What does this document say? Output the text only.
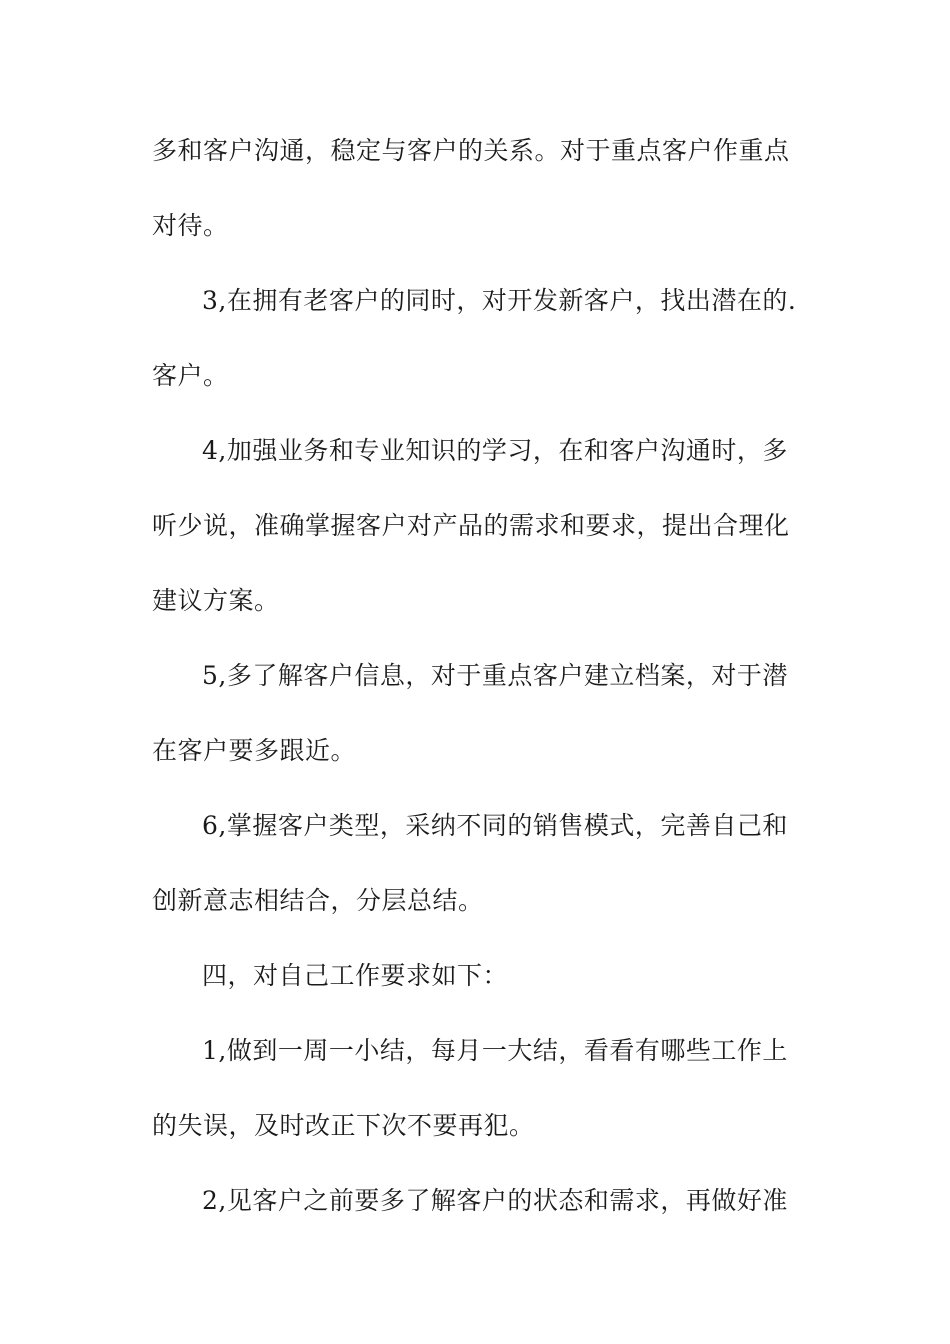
多和客户沟通，稳定与客户的关系。对于重点客户作重点

对待。

3,在拥有老客户的同时，对开发新客户，找出潜在的.

客户。

4,加强业务和专业知识的学习，在和客户沟通时，多

听少说，准确掌握客户对产品的需求和要求，提出合理化

建议方案。

5,多了解客户信息，对于重点客户建立档案，对于潜

在客户要多跟近。

6,掌握客户类型，采纳不同的销售模式，完善自己和

创新意志相结合，分层总结。

四，对自己工作要求如下：

1,做到一周一小结，每月一大结，看看有哪些工作上

的失误，及时改正下次不要再犯。

2,见客户之前要多了解客户的状态和需求，再做好准
